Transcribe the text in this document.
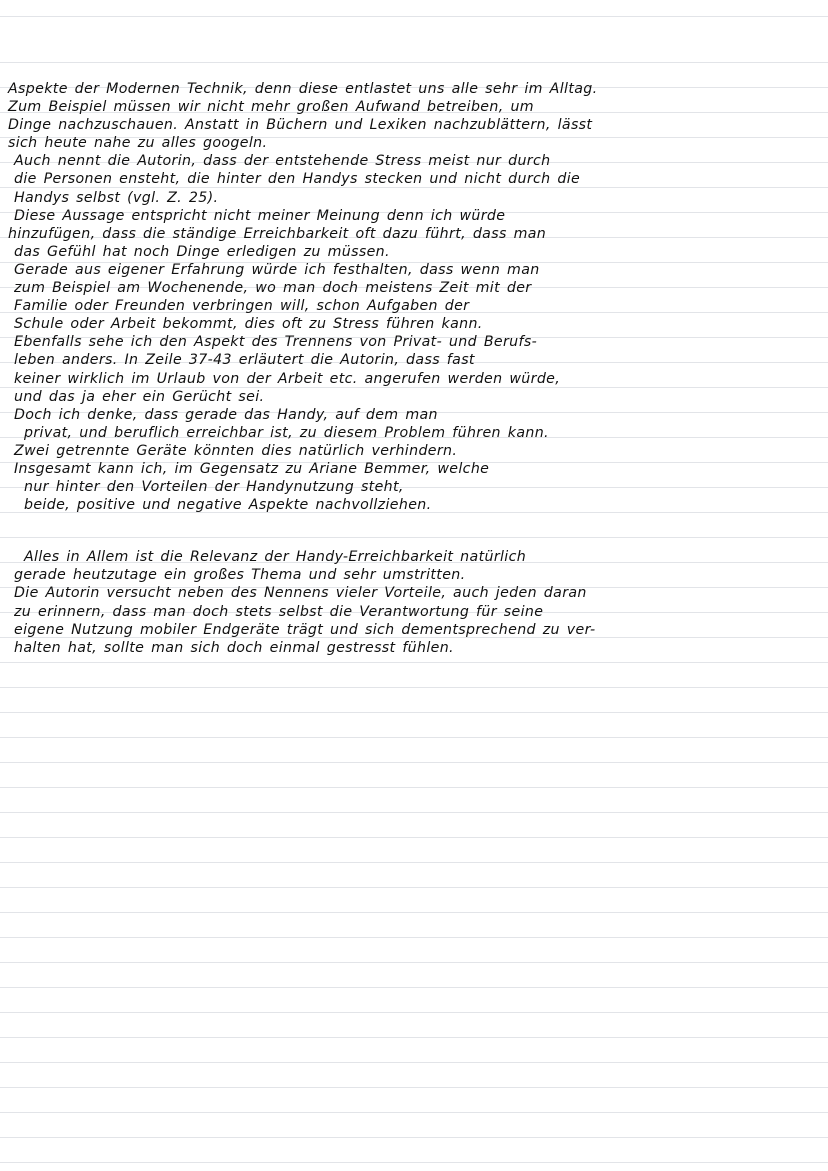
Aspekte der Modernen Technik, denn diese entlastet uns alle sehr im Alltag.
Zum Beispiel müssen wir nicht mehr großen Aufwand betreiben, um
Dinge nachzuschauen. Anstatt in Büchern und Lexiken nachzublättern, lässt
sich heute nahe zu alles googeln.
Auch nennt die Autorin, dass der entstehende Stress meist nur durch
die Personen ensteht, die hinter den Handys stecken und nicht durch die
Handys selbst (vgl. Z. 25).
Diese Aussage entspricht nicht meiner Meinung denn ich würde
hinzufügen, dass die ständige Erreichbarkeit oft dazu führt, dass man
das Gefühl hat noch Dinge erledigen zu müssen.
Gerade aus eigener Erfahrung würde ich festhalten, dass wenn man
zum Beispiel am Wochenende, wo man doch meistens Zeit mit der
Familie oder Freunden verbringen will, schon Aufgaben der
Schule oder Arbeit bekommt, dies oft zu Stress führen kann.
Ebenfalls sehe ich den Aspekt des Trennens von Privat- und Berufs-
leben anders. In Zeile 37-43 erläutert die Autorin, dass fast
keiner wirklich im Urlaub von der Arbeit etc. angerufen werden würde,
und das ja eher ein Gerücht sei.
Doch ich denke, dass gerade das Handy, auf dem man
privat, und beruflich erreichbar ist, zu diesem Problem führen kann.
Zwei getrennte Geräte könnten dies natürlich verhindern.
Insgesamt kann ich, im Gegensatz zu Ariane Bemmer, welche
nur hinter den Vorteilen der Handynutzung steht,
beide, positive und negative Aspekte nachvollziehen.
Alles in Allem ist die Relevanz der Handy-Erreichbarkeit natürlich
gerade heutzutage ein großes Thema und sehr umstritten.
Die Autorin versucht neben des Nennens vieler Vorteile, auch jeden daran
zu erinnern, dass man doch stets selbst die Verantwortung für seine
eigene Nutzung mobiler Endgeräte trägt und sich dementsprechend zu ver-
halten hat, sollte man sich doch einmal gestresst fühlen.
